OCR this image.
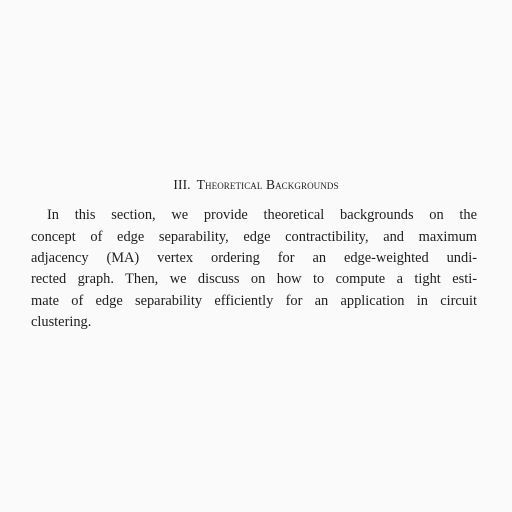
III. Theoretical Backgrounds
In this section, we provide theoretical backgrounds on the
concept of edge separability, edge contractibility, and maximum
adjacency (MA) vertex ordering for an edge-weighted undi-
rected graph. Then, we discuss on how to compute a tight esti-
mate of edge separability efficiently for an application in circuit
clustering.
